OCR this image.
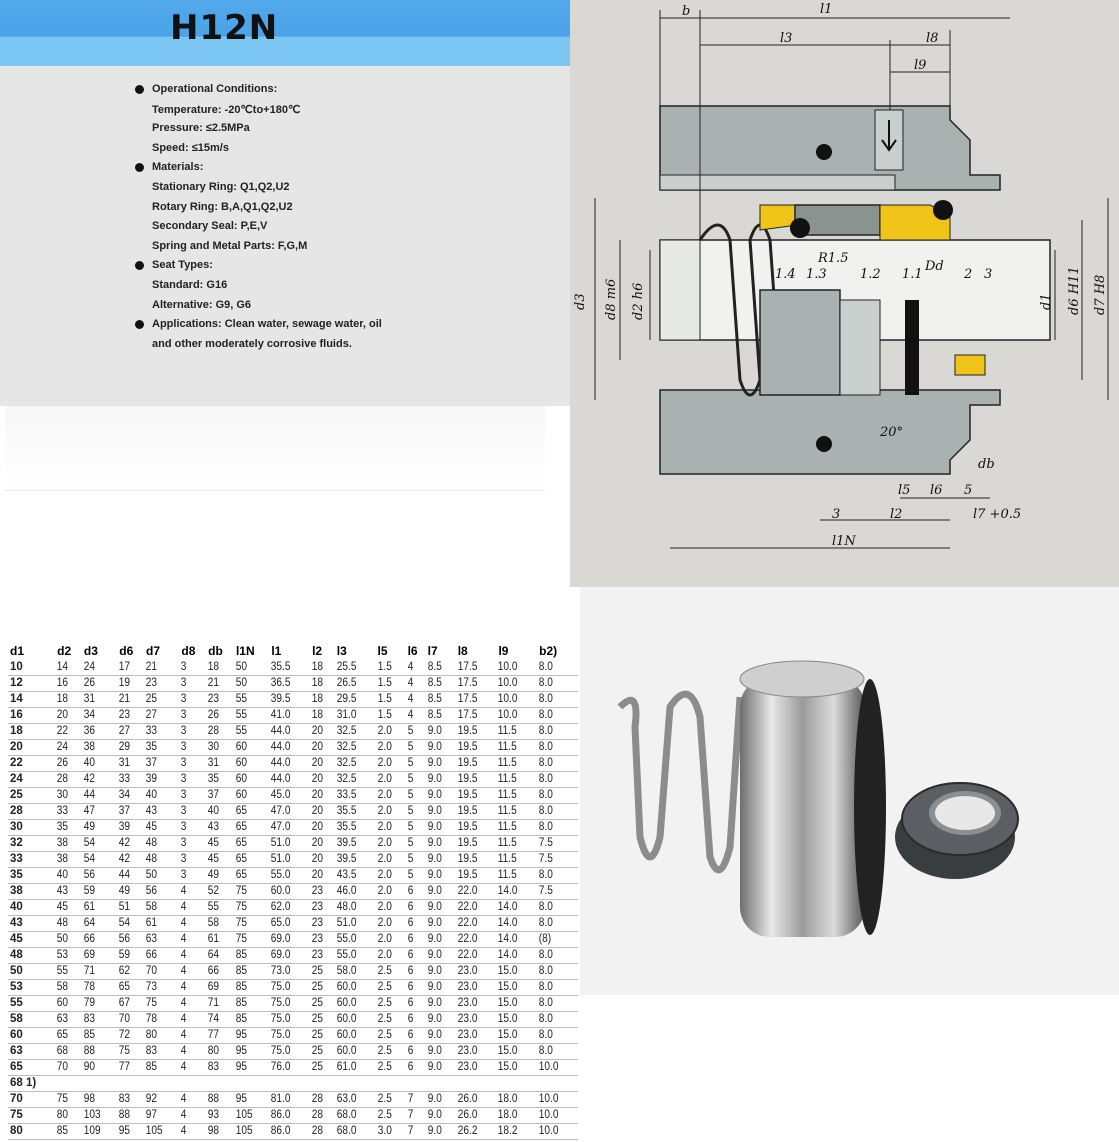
H12N
Operational Conditions:
Temperature: -20℃to+180℃
Pressure: ≤2.5MPa
Speed: ≤15m/s
Materials:
Stationary Ring: Q1,Q2,U2
Rotary Ring: B,A,Q1,Q2,U2
Secondary Seal: P,E,V
Spring and Metal Parts: F,G,M
Seat Types:
Standard: G16
Alternative: G9, G6
Applications: Clean water, sewage water, oil
and other moderately corrosive fluids.
b	l1
l3	l8
l9
d3 d8 m6 d2 h6	d1 d6 H11 d7 H8
1.4 1.3
R1.5
1.2 1.1
Dd
2 3
20°
db
l5 l6 5
3	l2	l7 +0.5
l1N
d1	d2	d3	d6	d7	d8	db	l1N	l1	l2	l3	l5	l6	l7	l8	l9	b2)
10	14	24	17	21	3	18	50	35.5	18	25.5	1.5	4	8.5	17.5	10.0	8.0
12	16	26	19	23	3	21	50	36.5	18	26.5	1.5	4	8.5	17.5	10.0	8.0
14	18	31	21	25	3	23	55	39.5	18	29.5	1.5	4	8.5	17.5	10.0	8.0
16	20	34	23	27	3	26	55	41.0	18	31.0	1.5	4	8.5	17.5	10.0	8.0
18	22	36	27	33	3	28	55	44.0	20	32.5	2.0	5	9.0	19.5	11.5	8.0
20	24	38	29	35	3	30	60	44.0	20	32.5	2.0	5	9.0	19.5	11.5	8.0
22	26	40	31	37	3	31	60	44.0	20	32.5	2.0	5	9.0	19.5	11.5	8.0
24	28	42	33	39	3	35	60	44.0	20	32.5	2.0	5	9.0	19.5	11.5	8.0
25	30	44	34	40	3	37	60	45.0	20	33.5	2.0	5	9.0	19.5	11.5	8.0
28	33	47	37	43	3	40	65	47.0	20	35.5	2.0	5	9.0	19.5	11.5	8.0
30	35	49	39	45	3	43	65	47.0	20	35.5	2.0	5	9.0	19.5	11.5	8.0
32	38	54	42	48	3	45	65	51.0	20	39.5	2.0	5	9.0	19.5	11.5	7.5
33	38	54	42	48	3	45	65	51.0	20	39.5	2.0	5	9.0	19.5	11.5	7.5
35	40	56	44	50	3	49	65	55.0	20	43.5	2.0	5	9.0	19.5	11.5	8.0
38	43	59	49	56	4	52	75	60.0	23	46.0	2.0	6	9.0	22.0	14.0	7.5
40	45	61	51	58	4	55	75	62.0	23	48.0	2.0	6	9.0	22.0	14.0	8.0
43	48	64	54	61	4	58	75	65.0	23	51.0	2.0	6	9.0	22.0	14.0	8.0
45	50	66	56	63	4	61	75	69.0	23	55.0	2.0	6	9.0	22.0	14.0	(8)
48	53	69	59	66	4	64	85	69.0	23	55.0	2.0	6	9.0	22.0	14.0	8.0
50	55	71	62	70	4	66	85	73.0	25	58.0	2.5	6	9.0	23.0	15.0	8.0
53	58	78	65	73	4	69	85	75.0	25	60.0	2.5	6	9.0	23.0	15.0	8.0
55	60	79	67	75	4	71	85	75.0	25	60.0	2.5	6	9.0	23.0	15.0	8.0
58	63	83	70	78	4	74	85	75.0	25	60.0	2.5	6	9.0	23.0	15.0	8.0
60	65	85	72	80	4	77	95	75.0	25	60.0	2.5	6	9.0	23.0	15.0	8.0
63	68	88	75	83	4	80	95	75.0	25	60.0	2.5	6	9.0	23.0	15.0	8.0
65	70	90	77	85	4	83	95	76.0	25	61.0	2.5	6	9.0	23.0	15.0	10.0
68 1)																
70	75	98	83	92	4	88	95	81.0	28	63.0	2.5	7	9.0	26.0	18.0	10.0
75	80	103	88	97	4	93	105	86.0	28	68.0	2.5	7	9.0	26.0	18.0	10.0
80	85	109	95	105	4	98	105	86.0	28	68.0	3.0	7	9.0	26.2	18.2	10.0
